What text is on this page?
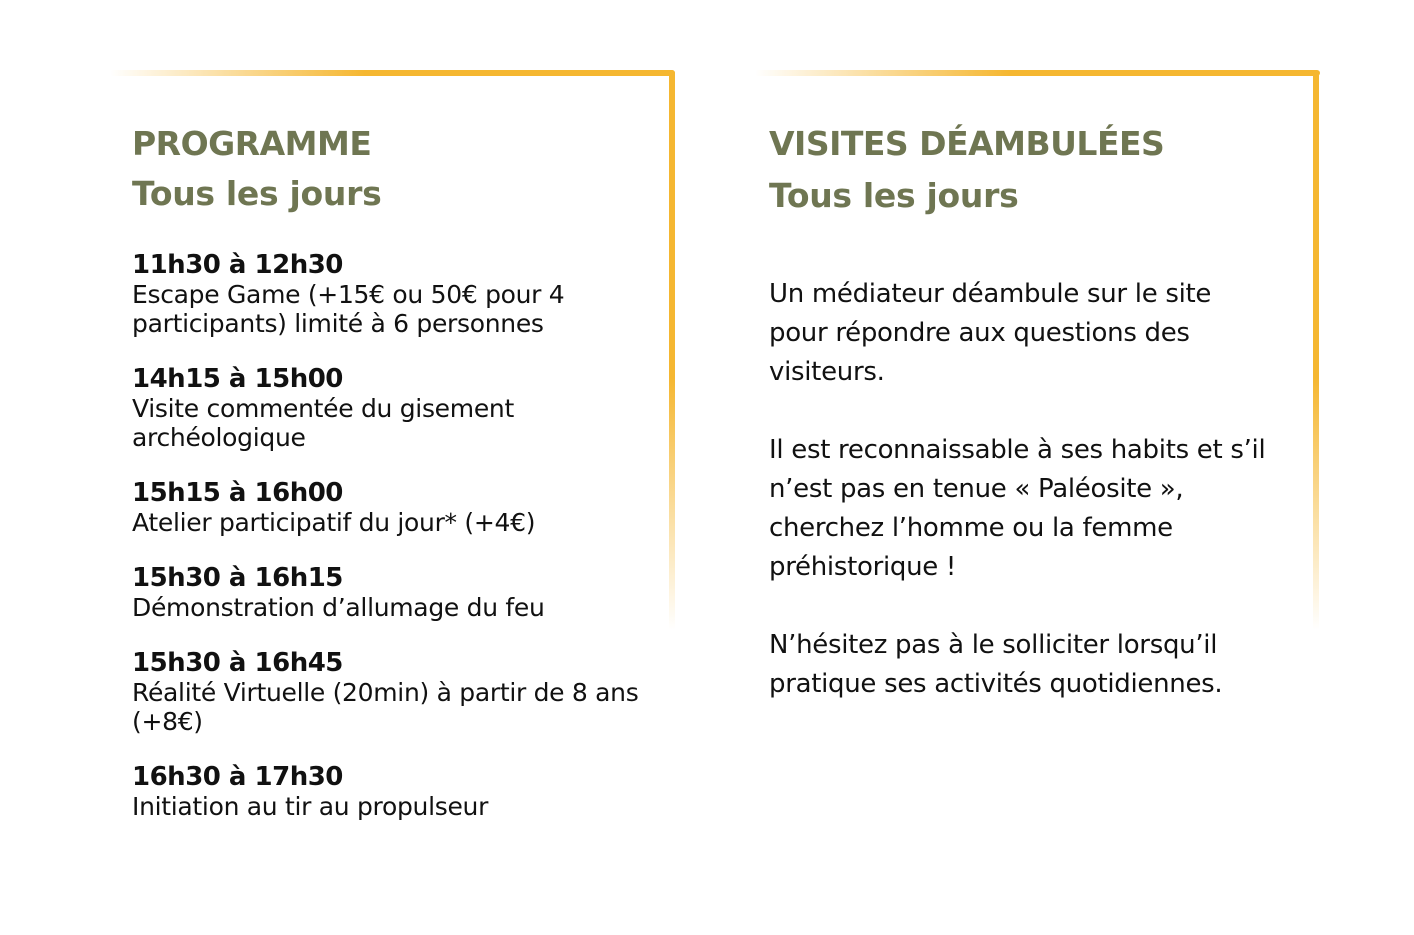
PROGRAMME
Tous les jours
11h30 à 12h30
Escape Game (+15€ ou 50€ pour 4 participants) limité à 6 personnes
14h15 à 15h00
Visite commentée du gisement archéologique
15h15 à 16h00
Atelier participatif du jour* (+4€)
15h30 à 16h15
Démonstration d’allumage du feu
15h30 à 16h45
Réalité Virtuelle (20min) à partir de 8 ans (+8€)
16h30 à 17h30
Initiation au tir au propulseur
VISITES DÉAMBULÉES
Tous les jours

Un médiateur déambule sur le site pour répondre aux questions des visiteurs.

Il est reconnaissable à ses habits et s’il n’est pas en tenue « Paléosite », cherchez l’homme ou la femme préhistorique !

N’hésitez pas à le solliciter lorsqu’il pratique ses activités quotidiennes.
